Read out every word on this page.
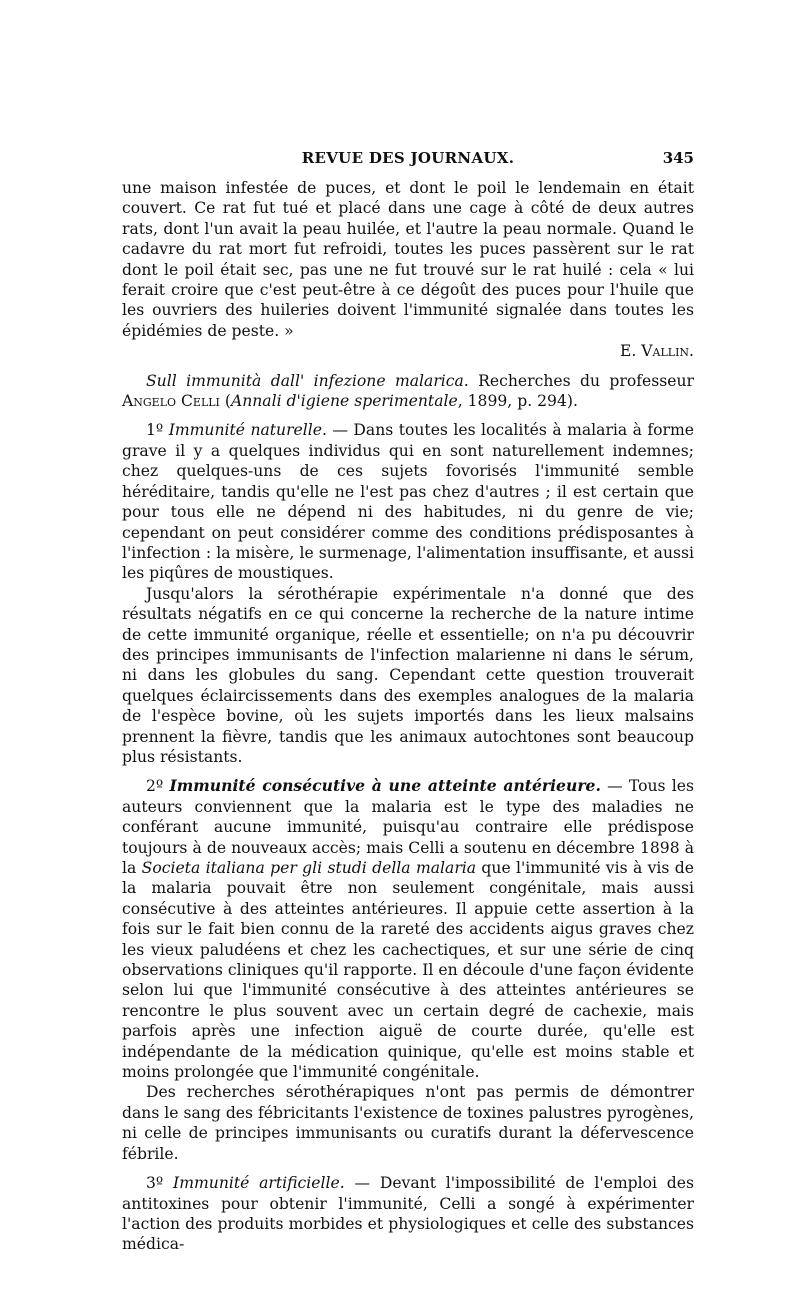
REVUE DES JOURNAUX.	345

une maison infestée de puces, et dont le poil le lendemain en était couvert. Ce rat fut tué et placé dans une cage à côté de deux autres rats, dont l'un avait la peau huilée, et l'autre la peau normale. Quand le cadavre du rat mort fut refroidi, toutes les puces passèrent sur le rat dont le poil était sec, pas une ne fut trouvé sur le rat huilé : cela « lui ferait croire que c'est peut-être à ce dégoût des puces pour l'huile que les ouvriers des huileries doivent l'immunité signalée dans toutes les épidémies de peste. »

E. Vallin.

Sull immunità dall' infezione malarica. Recherches du professeur Angelo Celli (Annali d'igiene sperimentale, 1899, p. 294).

1º Immunité naturelle. — Dans toutes les localités à malaria à forme grave il y a quelques individus qui en sont naturellement indemnes; chez quelques-uns de ces sujets fovorisés l'immunité semble héréditaire, tandis qu'elle ne l'est pas chez d'autres ; il est certain que pour tous elle ne dépend ni des habitudes, ni du genre de vie; cependant on peut considérer comme des conditions prédisposantes à l'infection : la misère, le surmenage, l'alimentation insuffisante, et aussi les piqûres de moustiques.

Jusqu'alors la sérothérapie expérimentale n'a donné que des résultats négatifs en ce qui concerne la recherche de la nature intime de cette immunité organique, réelle et essentielle; on n'a pu découvrir des principes immunisants de l'infection malarienne ni dans le sérum, ni dans les globules du sang. Cependant cette question trouverait quelques éclaircissements dans des exemples analogues de la malaria de l'espèce bovine, où les sujets importés dans les lieux malsains prennent la fièvre, tandis que les animaux autochtones sont beaucoup plus résistants.

2º Immunité consécutive à une atteinte antérieure. — Tous les auteurs conviennent que la malaria est le type des maladies ne conférant aucune immunité, puisqu'au contraire elle prédispose toujours à de nouveaux accès; mais Celli a soutenu en décembre 1898 à la Societa italiana per gli studi della malaria que l'immunité vis à vis de la malaria pouvait être non seulement congénitale, mais aussi consécutive à des atteintes antérieures. Il appuie cette assertion à la fois sur le fait bien connu de la rareté des accidents aigus graves chez les vieux paludéens et chez les cachectiques, et sur une série de cinq observations cliniques qu'il rapporte. Il en découle d'une façon évidente selon lui que l'immunité consécutive à des atteintes antérieures se rencontre le plus souvent avec un certain degré de cachexie, mais parfois après une infection aiguë de courte durée, qu'elle est indépendante de la médication quinique, qu'elle est moins stable et moins prolongée que l'immunité congénitale.

Des recherches sérothérapiques n'ont pas permis de démontrer dans le sang des fébricitants l'existence de toxines palustres pyrogènes, ni celle de principes immunisants ou curatifs durant la défervescence fébrile.

3º Immunité artificielle. — Devant l'impossibilité de l'emploi des antitoxines pour obtenir l'immunité, Celli a songé à expérimenter l'action des produits morbides et physiologiques et celle des substances médica-
